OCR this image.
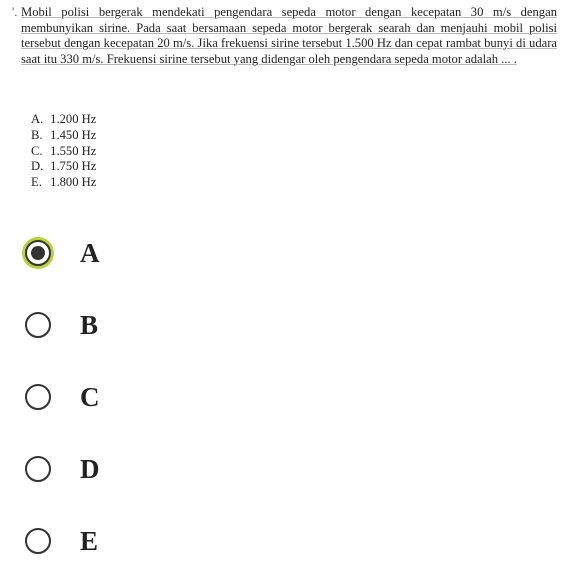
'. Mobil polisi bergerak mendekati pengendara sepeda motor dengan kecepatan 30 m/s dengan membunyikan sirine. Pada saat bersamaan sepeda motor bergerak searah dan menjauhi mobil polisi tersebut dengan kecepatan 20 m/s. Jika frekuensi sirine tersebut 1.500 Hz dan cepat rambat bunyi di udara saat itu 330 m/s. Frekuensi sirine tersebut yang didengar oleh pengendara sepeda motor adalah ... .

A. 1.200 Hz
B. 1.450 Hz
C. 1.550 Hz
D. 1.750 Hz
E. 1.800 Hz
A
B
C
D
E
